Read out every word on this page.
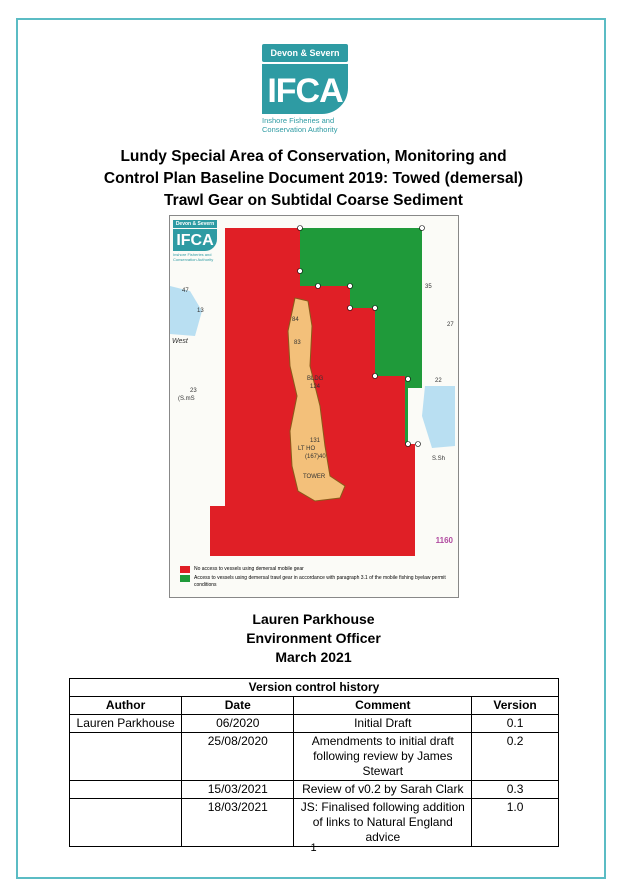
Devon & Severn
IFCA
Inshore Fisheries and
Conservation Authority
Lundy Special Area of Conservation, Monitoring and
Control Plan Baseline Document 2019: Towed (demersal)
Trawl Gear on Subtidal Coarse Sediment
Devon & Severn
IFCA
Inshore Fisheries and
Conservation Authority
West
47
13
35
27
22
23
(S.mS
S.Sh
84
83
BLDG
124
131
LT HO
(167)40
TOWER
1160
No access to vessels using demersal mobile gear
Access to vessels using demersal trawl gear in accordance with paragraph 3.1 of the mobile fishing byelaw permit conditions
Lauren Parkhouse
Environment Officer
March 2021
Version control history			
Author	Date	Comment	Version
Lauren Parkhouse	06/2020	Initial Draft	0.1
	25/08/2020	Amendments to initial draft following review by James Stewart	0.2
	15/03/2021	Review of v0.2 by Sarah Clark	0.3
	18/03/2021	JS: Finalised following addition of links to Natural England advice	1.0
1
